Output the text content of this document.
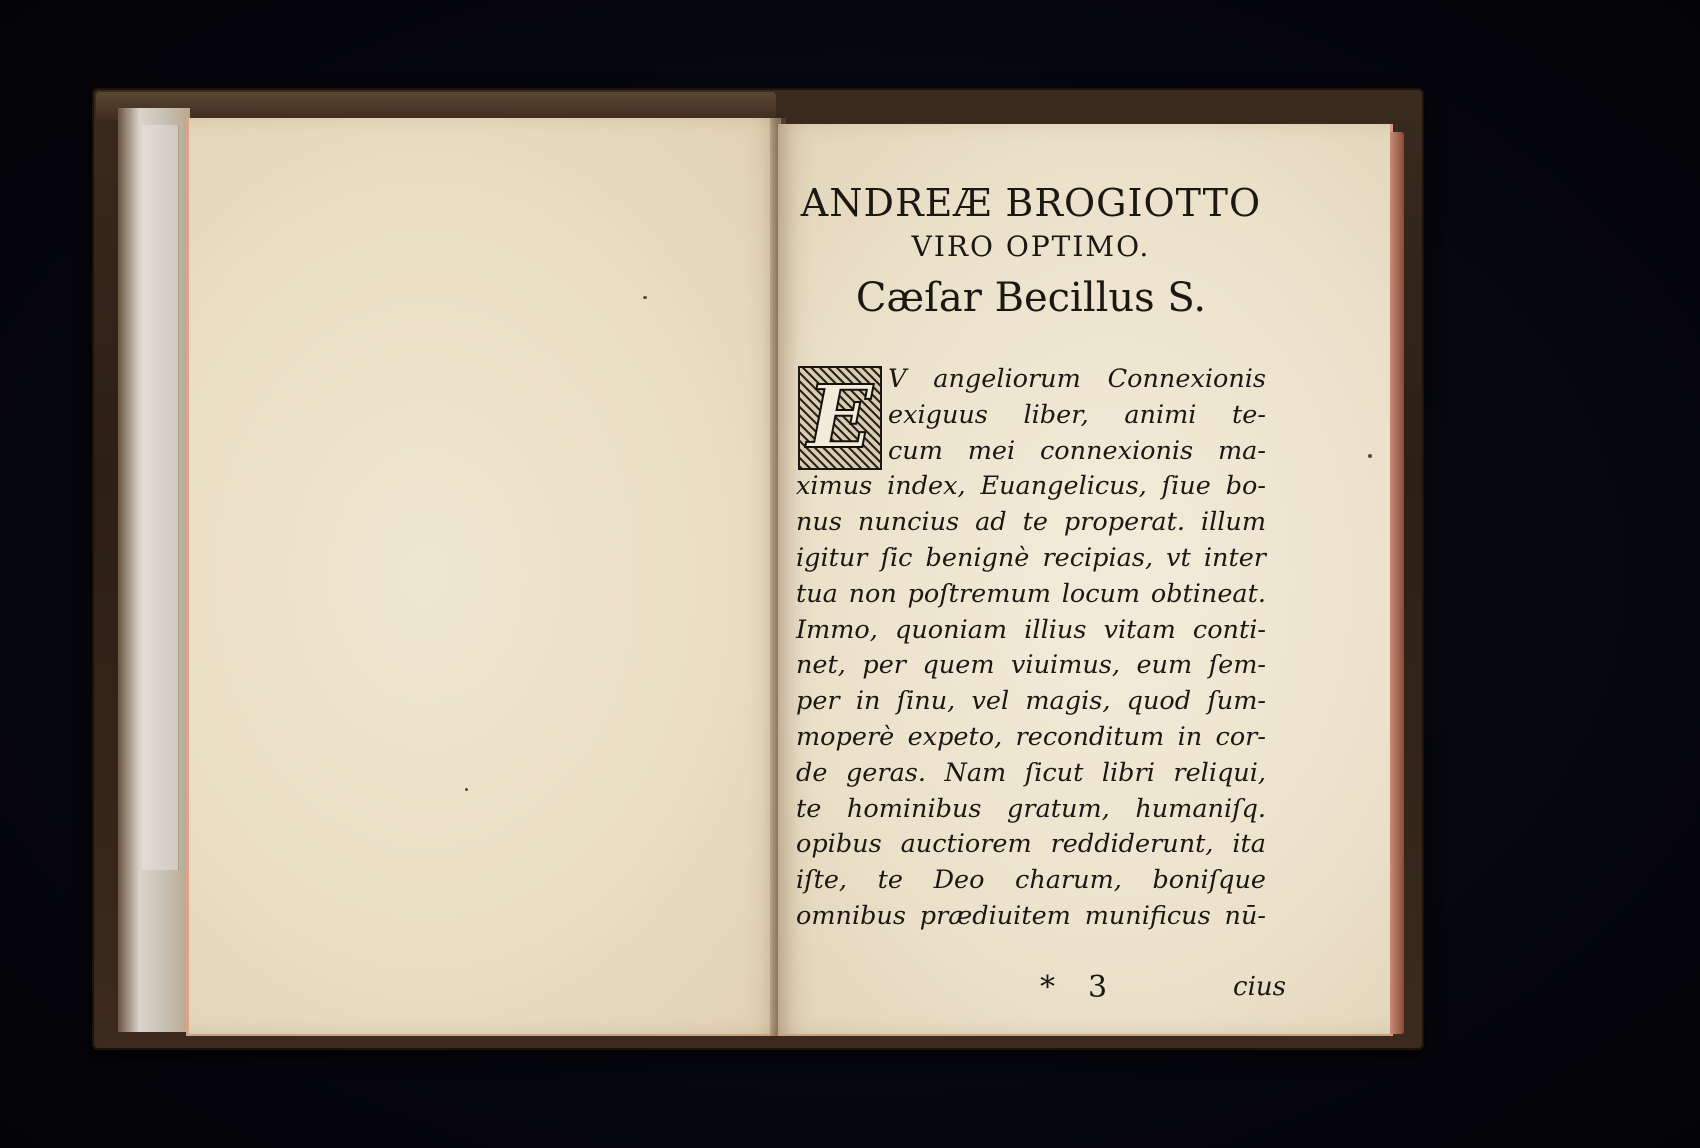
ANDREÆ BROGIOTTO

VIRO OPTIMO.

Cæſar Becillus S.

E V angeliorum Connexionis
exiguus liber, animi te-
cum mei connexionis ma-
ximus index, Euangelicus, ſiue bo-
nus nuncius ad te properat. illum
igitur ſic benignè recipias, vt inter
tua non poſtremum locum obtineat.
Immo, quoniam illius vitam conti-
net, per quem viuimus, eum ſem-
per in ſinu, vel magis, quod ſum-
moperè expeto, reconditum in cor-
de geras. Nam ſicut libri reliqui,
te hominibus gratum, humaniſq.
opibus auctiorem reddiderunt, ita
iſte, te Deo charum, boniſque
omnibus prædiuitem munificus nū-
* 3	cius
